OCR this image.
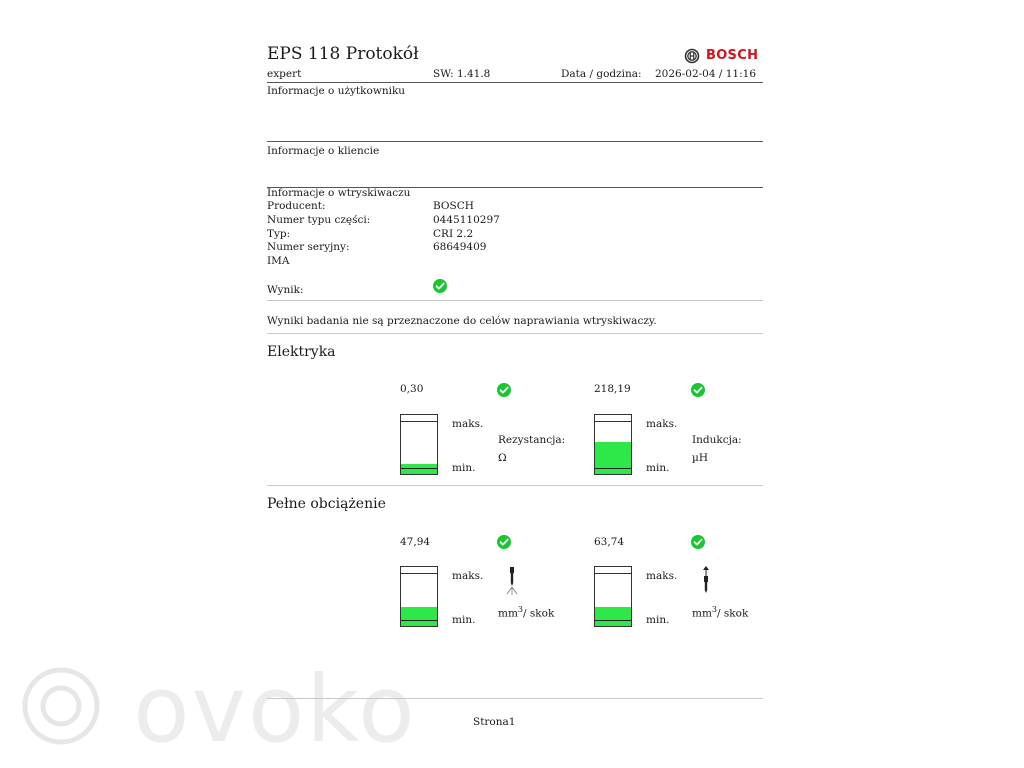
EPS 118 Protokół	BOSCH
expert	SW: 1.41.8	Data / godzina: 2026-02-04 / 11:16
Informacje o użytkowniku
Informacje o kliencie
Informacje o wtryskiwaczu
Producent:	BOSCH
Numer typu części:	0445110297
Typ:	CRI 2.2
Numer seryjny:	68649409
IMA
Wynik:
Wyniki badania nie są przeznaczone do celów naprawiania wtryskiwaczy.
Elektryka
0,30
maks.
min.
Rezystancja:
Ω
218,19
maks.
min.
Indukcja:
µH
Pełne obciążenie
47,94
maks.
min.
$mm^3/$ skok
63,74
maks.
min.
$mm^3/$ skok
Strona1
ovoko
